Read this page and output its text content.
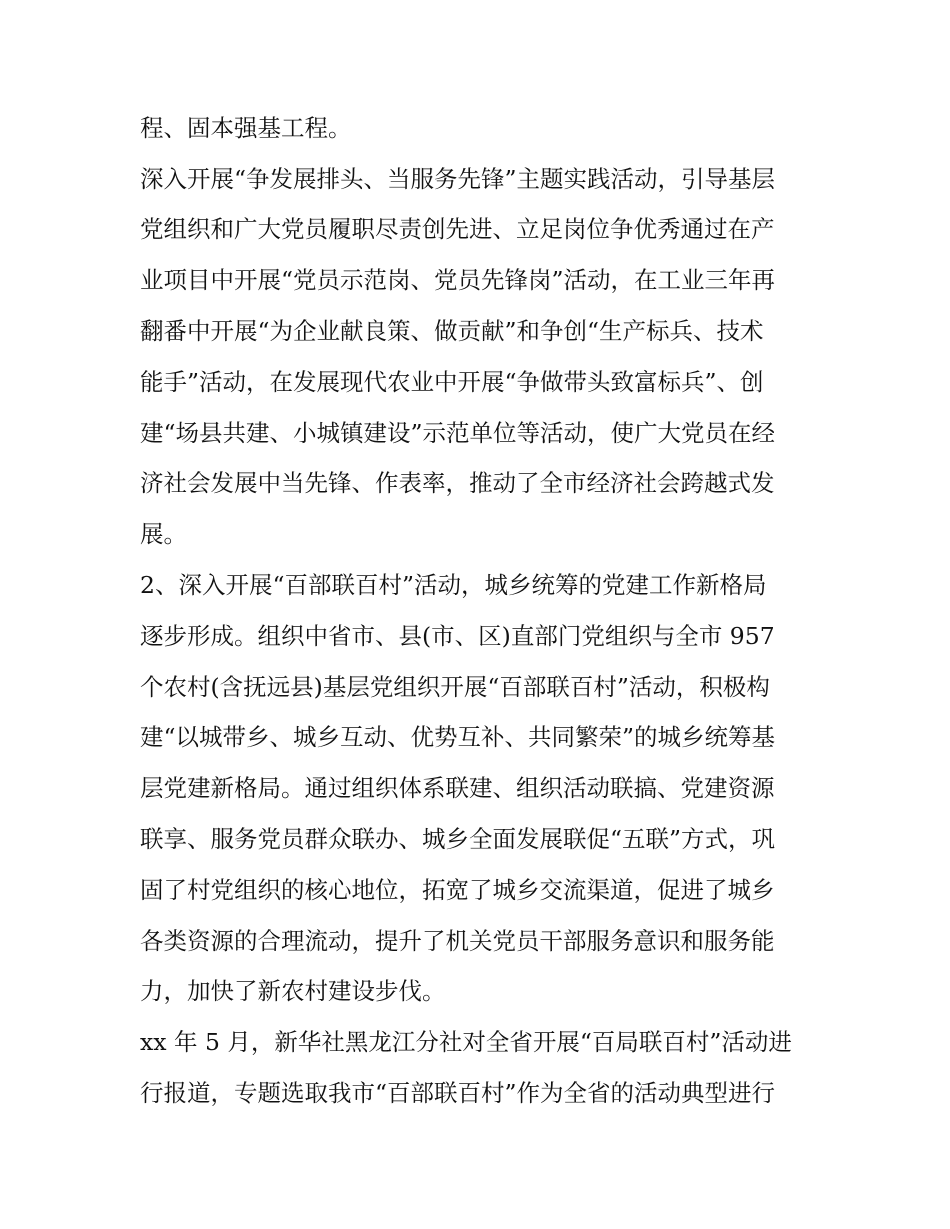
程、固本强基工程。
深入开展“争发展排头、当服务先锋”主题实践活动，引导基层
党组织和广大党员履职尽责创先进、立足岗位争优秀通过在产
业项目中开展“党员示范岗、党员先锋岗”活动，在工业三年再
翻番中开展“为企业献良策、做贡献”和争创“生产标兵、技术
能手”活动，在发展现代农业中开展“争做带头致富标兵”、创
建“场县共建、小城镇建设”示范单位等活动，使广大党员在经
济社会发展中当先锋、作表率，推动了全市经济社会跨越式发
展。
2、深入开展“百部联百村”活动，城乡统筹的党建工作新格局
逐步形成。组织中省市、县(市、区)直部门党组织与全市 957
个农村(含抚远县)基层党组织开展“百部联百村”活动，积极构
建“以城带乡、城乡互动、优势互补、共同繁荣”的城乡统筹基
层党建新格局。通过组织体系联建、组织活动联搞、党建资源
联享、服务党员群众联办、城乡全面发展联促“五联”方式，巩
固了村党组织的核心地位，拓宽了城乡交流渠道，促进了城乡
各类资源的合理流动，提升了机关党员干部服务意识和服务能
力，加快了新农村建设步伐。
xx 年 5 月，新华社黑龙江分社对全省开展“百局联百村”活动进
行报道，专题选取我市“百部联百村”作为全省的活动典型进行
